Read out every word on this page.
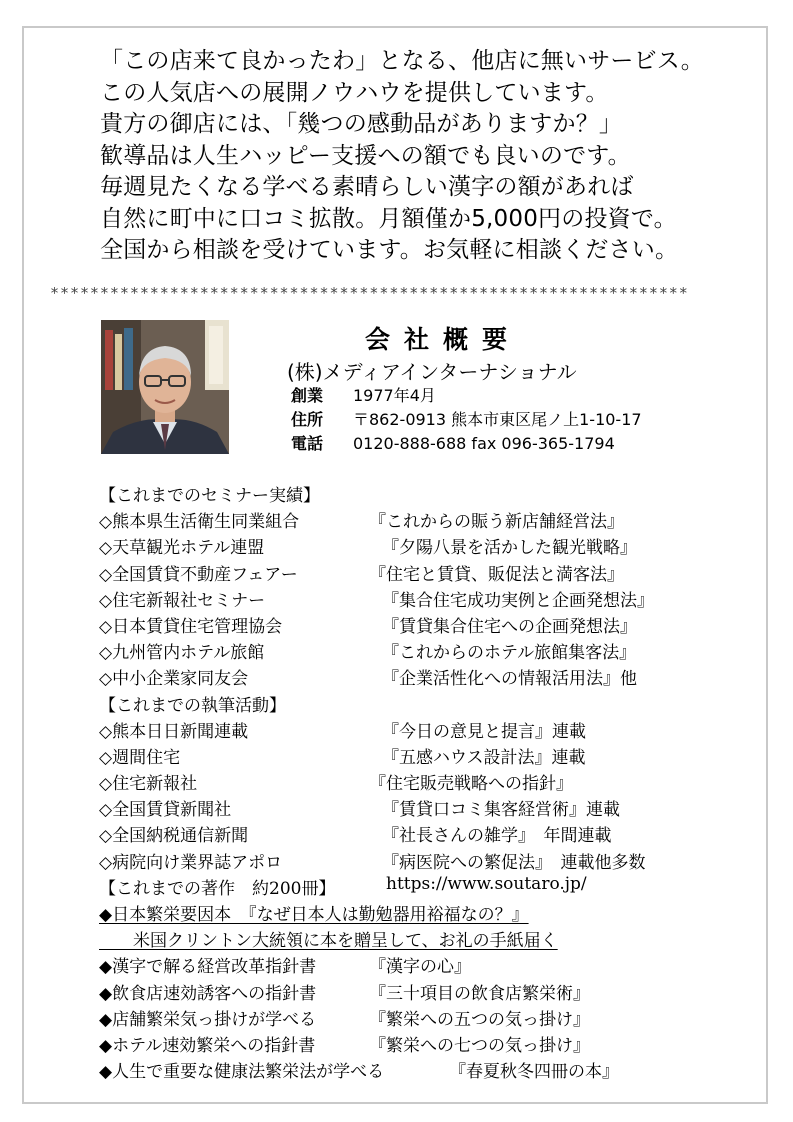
「この店来て良かったわ」となる、他店に無いサービス。
この人気店への展開ノウハウを提供しています。
貴方の御店には、「幾つの感動品がありますか？」
歓導品は人生ハッピー支援への額でも良いのです。
毎週見たくなる学べる素晴らしい漢字の額があれば
自然に町中に口コミ拡散。月額僅か5,000円の投資で。
全国から相談を受けています。お気軽に相談ください。
****************************************************************
会社概要
(株)メディアインターナショナル
創業 1977年4月
住所 〒862-0913 熊本市東区尾ノ上1-10-17
電話 0120-888-688 fax 096-365-1794
【これまでのセミナー実績】
◇熊本県生活衛生同業組合	『これからの賑う新店舗経営法』
◇天草観光ホテル連盟	『夕陽八景を活かした観光戦略』
◇全国賃貸不動産フェアー	『住宅と賃貸、販促法と満客法』
◇住宅新報社セミナー	『集合住宅成功実例と企画発想法』
◇日本賃貸住宅管理協会	『賃貸集合住宅への企画発想法』
◇九州管内ホテル旅館	『これからのホテル旅館集客法』
◇中小企業家同友会	『企業活性化への情報活用法』他
【これまでの執筆活動】
◇熊本日日新聞連載	『今日の意見と提言』連載
◇週間住宅	『五感ハウス設計法』連載
◇住宅新報社	『住宅販売戦略への指針』
◇全国賃貸新聞社	『賃貸口コミ集客経営術』連載
◇全国納税通信新聞	『社長さんの雑学』　年間連載
◇病院向け業界誌アポロ	『病医院への繁促法』　連載他多数
【これまでの著作　約200冊】	https://www.soutaro.jp/
◆日本繁栄要因本　『なぜ日本人は勤勉器用裕福なの？』
　　米国クリントン大統領に本を贈呈して、お礼の手紙届く
◆漢字で解る経営改革指針書	『漢字の心』
◆飲食店速効誘客への指針書	『三十項目の飲食店繁栄術』
◆店舗繁栄気っ掛けが学べる	『繁栄への五つの気っ掛け』
◆ホテル速効繁栄への指針書	『繁栄への七つの気っ掛け』
◆人生で重要な健康法繁栄法が学べる	『春夏秋冬四冊の本』
